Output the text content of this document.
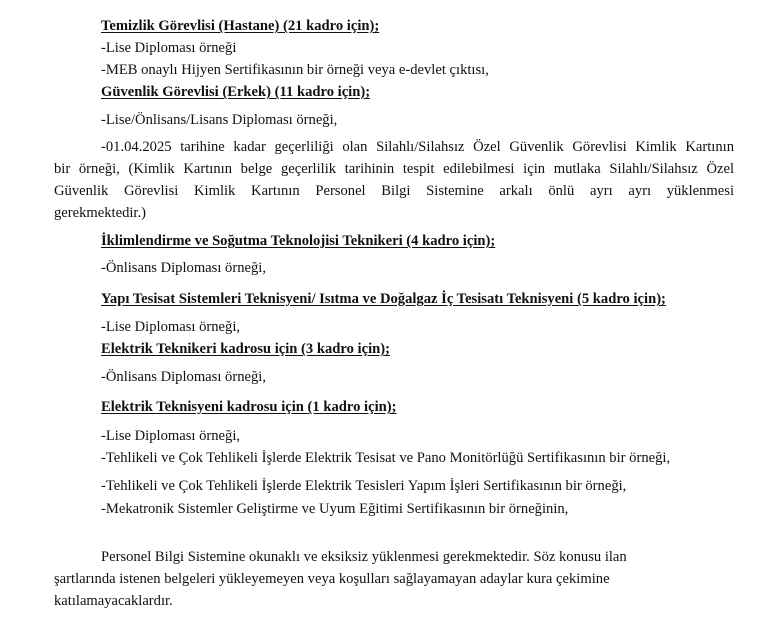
Temizlik Görevlisi (Hastane) (21 kadro için);
-Lise Diploması örneği
-MEB onaylı Hijyen Sertifikasının bir örneği veya e-devlet çıktısı,
Güvenlik Görevlisi (Erkek) (11 kadro için);
-Lise/Önlisans/Lisans Diploması örneği,
-01.04.2025 tarihine kadar geçerliliği olan Silahlı/Silahsız Özel Güvenlik Görevlisi Kimlik Kartının
bir örneği, (Kimlik Kartının belge geçerlilik tarihinin tespit edilebilmesi için mutlaka Silahlı/Silahsız Özel
Güvenlik Görevlisi Kimlik Kartının Personel Bilgi Sistemine arkalı önlü ayrı ayrı yüklenmesi
gerekmektedir.)
İklimlendirme ve Soğutma Teknolojisi Teknikeri (4 kadro için);
-Önlisans Diploması örneği,
Yapı Tesisat Sistemleri Teknisyeni/ Isıtma ve Doğalgaz İç Tesisatı Teknisyeni (5 kadro için);
-Lise Diploması örneği,
Elektrik Teknikeri kadrosu için (3 kadro için);
-Önlisans Diploması örneği,
Elektrik Teknisyeni kadrosu için (1 kadro için);
-Lise Diploması örneği,
-Tehlikeli ve Çok Tehlikeli İşlerde Elektrik Tesisat ve Pano Monitörlüğü Sertifikasının bir örneği,
-Tehlikeli ve Çok Tehlikeli İşlerde Elektrik Tesisleri Yapım İşleri Sertifikasının bir örneği,
-Mekatronik Sistemler Geliştirme ve Uyum Eğitimi Sertifikasının bir örneğinin,
Personel Bilgi Sistemine okunaklı ve eksiksiz yüklenmesi gerekmektedir. Söz konusu ilan
şartlarında istenen belgeleri yükleyemeyen veya koşulları sağlayamayan adaylar kura çekimine
katılamayacaklardır.
